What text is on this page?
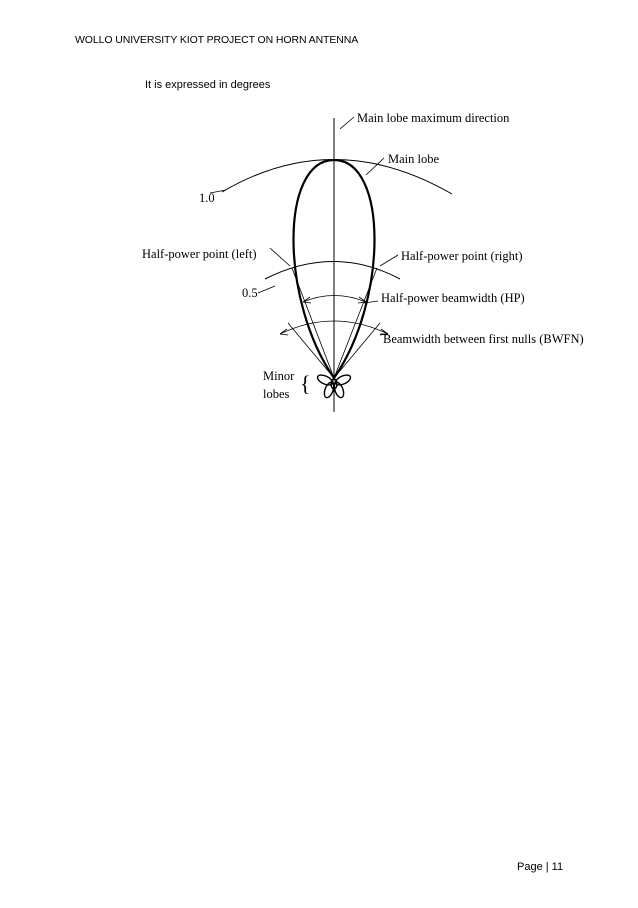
WOLLO UNIVERSITY KIOT PROJECT ON HORN ANTENNA
It is expressed in degrees
{
Main lobe maximum direction
Main lobe
1.0
Half-power point (left)	Half-power point (right)
0.5	Half-power beamwidth (HP)
Beamwidth between first nulls (BWFN)
Minor
lobes
Page | 11
